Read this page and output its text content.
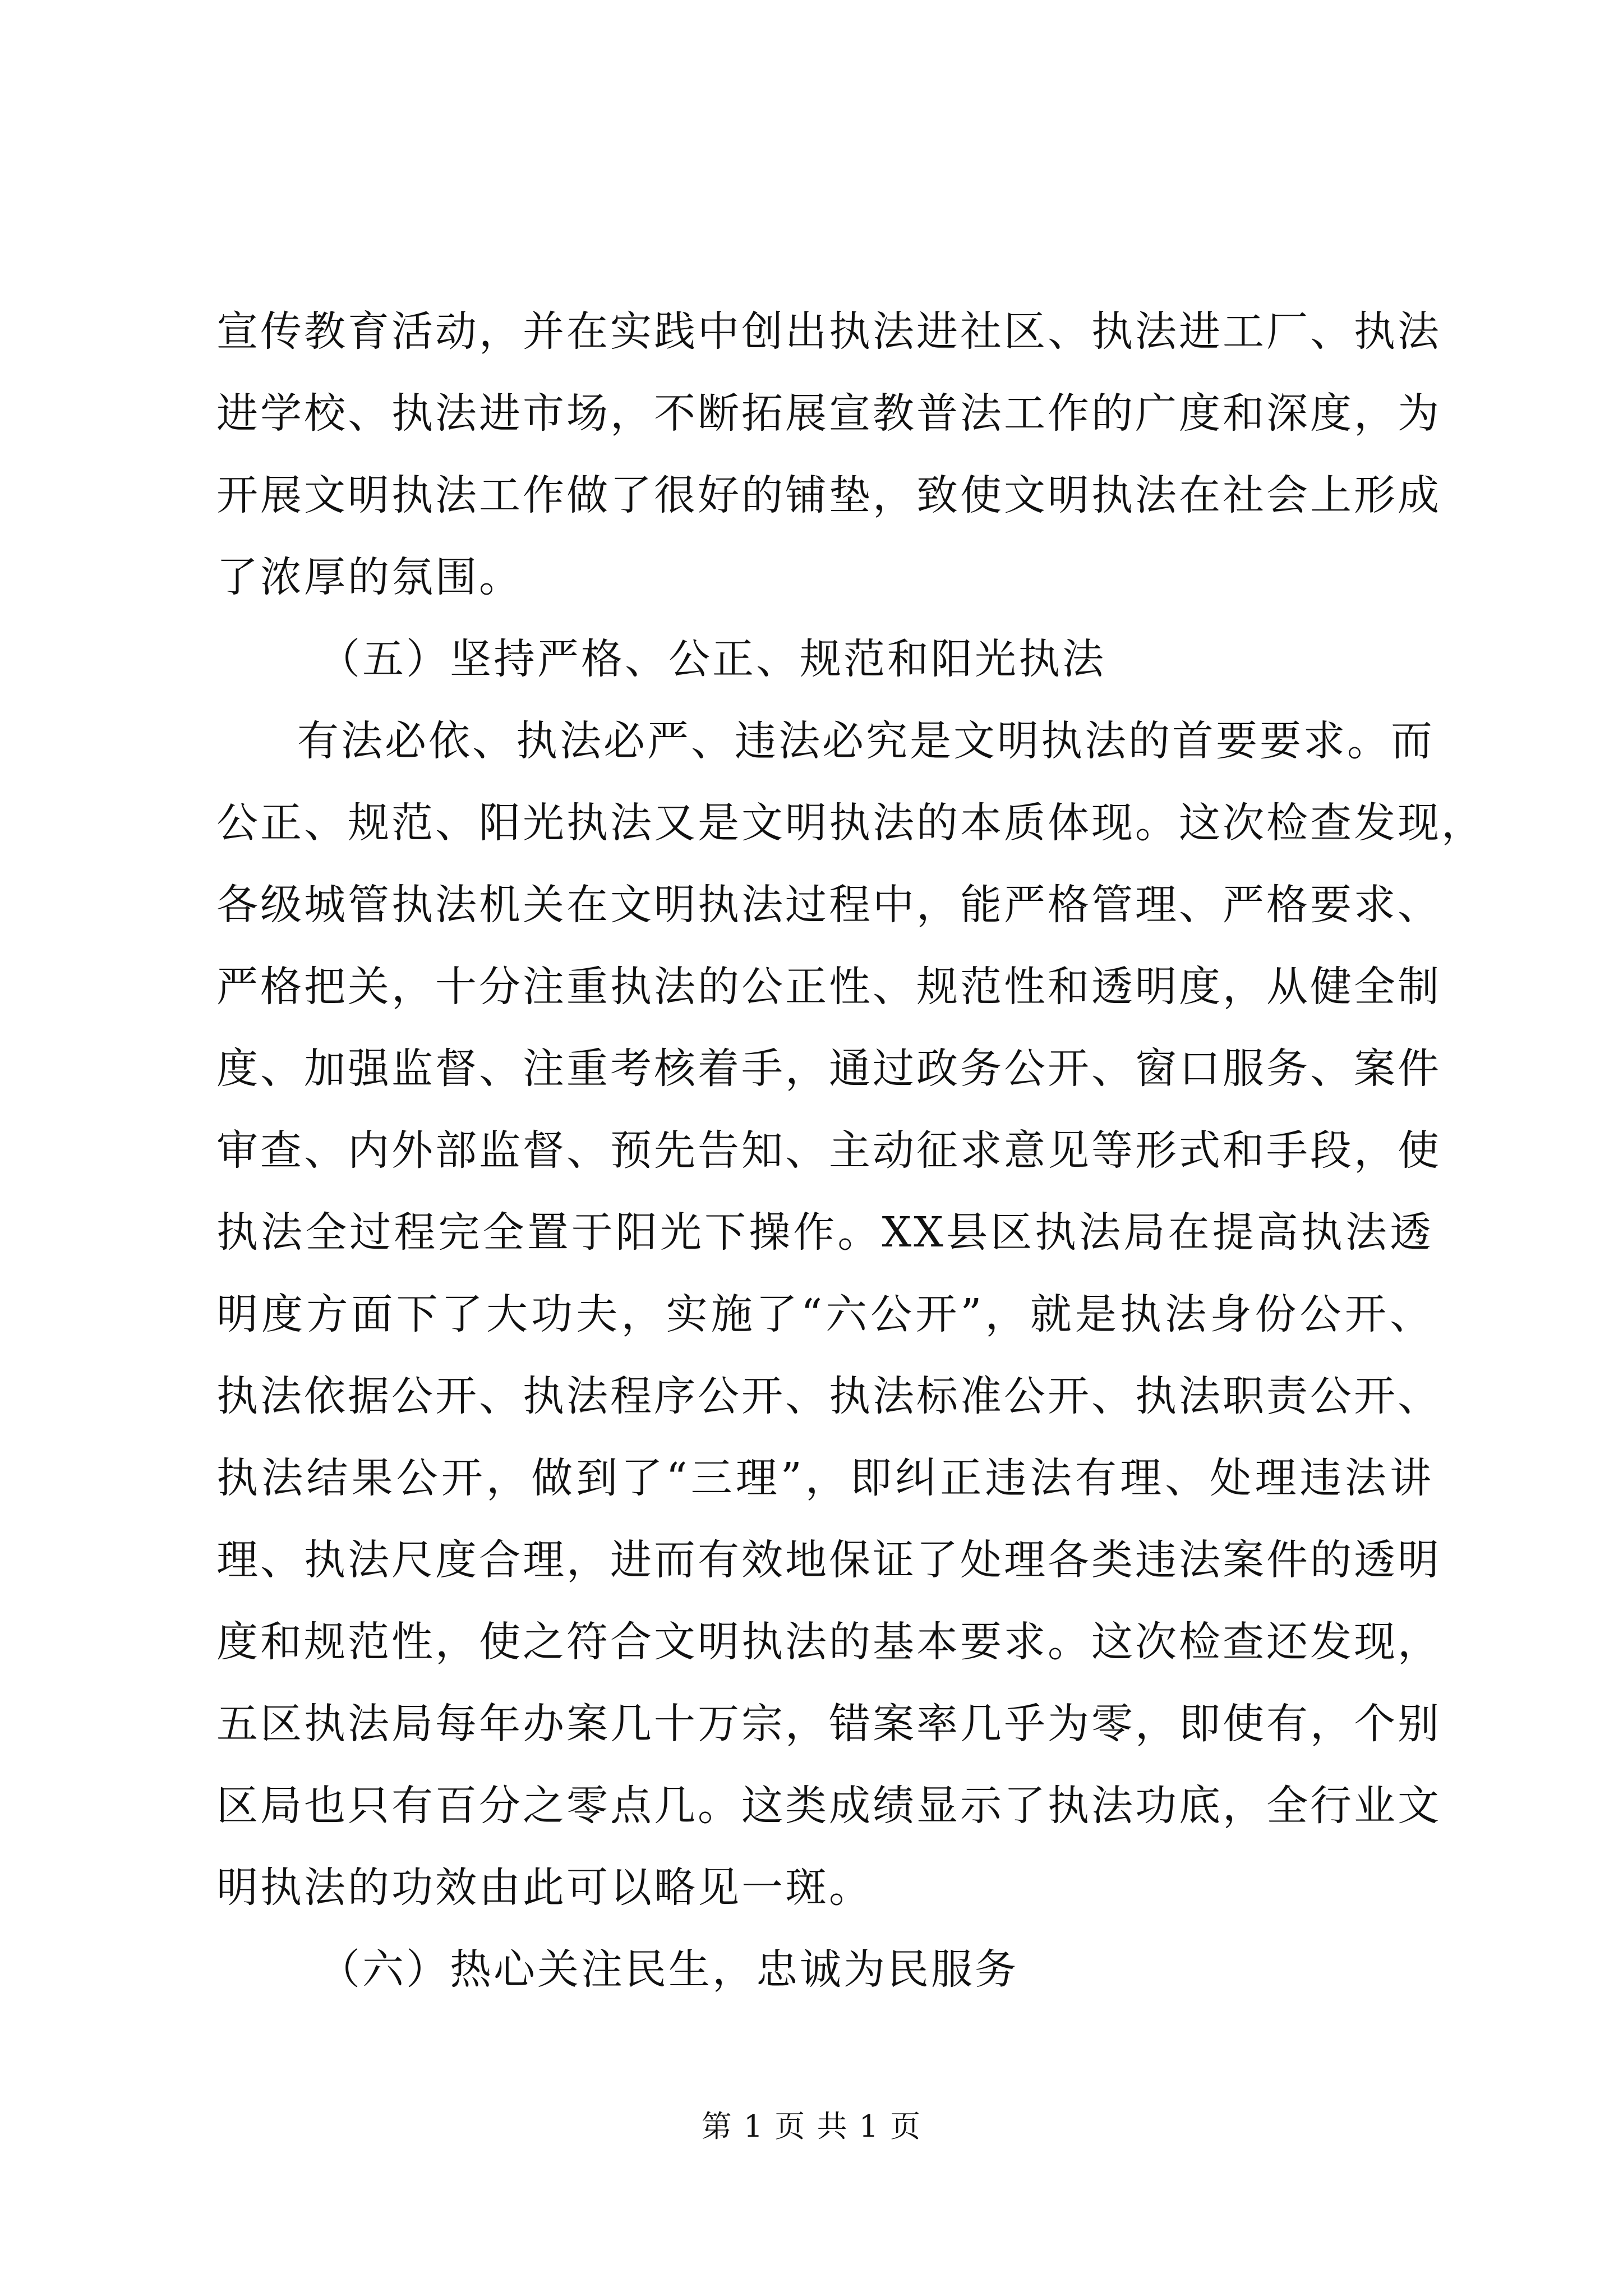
宣传教育活动，并在实践中创出执法进社区、执法进工厂、执法
进学校、执法进市场，不断拓展宣教普法工作的广度和深度，为
开展文明执法工作做了很好的铺垫，致使文明执法在社会上形成
了浓厚的氛围。
（五）坚持严格、公正、规范和阳光执法
有法必依、执法必严、违法必究是文明执法的首要要求。而
公正、规范、阳光执法又是文明执法的本质体现。这次检查发现，
各级城管执法机关在文明执法过程中，能严格管理、严格要求、
严格把关，十分注重执法的公正性、规范性和透明度，从健全制
度、加强监督、注重考核着手，通过政务公开、窗口服务、案件
审查、内外部监督、预先告知、主动征求意见等形式和手段，使
执法全过程完全置于阳光下操作。XX县区执法局在提高执法透
明度方面下了大功夫，实施了“六公开”，就是执法身份公开、
执法依据公开、执法程序公开、执法标准公开、执法职责公开、
执法结果公开，做到了“三理”，即纠正违法有理、处理违法讲
理、执法尺度合理，进而有效地保证了处理各类违法案件的透明
度和规范性，使之符合文明执法的基本要求。这次检查还发现，
五区执法局每年办案几十万宗，错案率几乎为零，即使有，个别
区局也只有百分之零点几。这类成绩显示了执法功底，全行业文
明执法的功效由此可以略见一斑。
（六）热心关注民生，忠诚为民服务
第 1 页 共 1 页
